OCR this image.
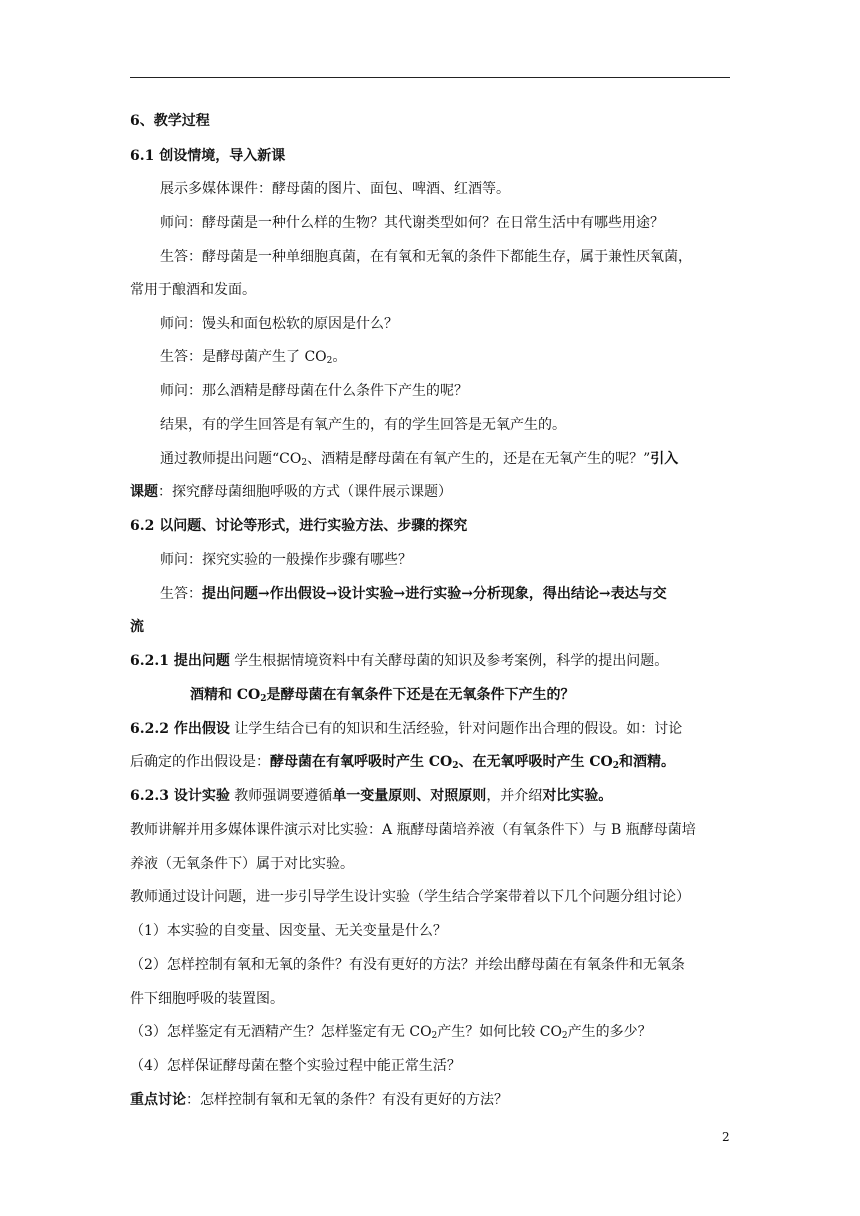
6、教学过程
6.1 创设情境，导入新课
展示多媒体课件：酵母菌的图片、面包、啤酒、红酒等。
师问：酵母菌是一种什么样的生物？其代谢类型如何？在日常生活中有哪些用途？
生答：酵母菌是一种单细胞真菌，在有氧和无氧的条件下都能生存，属于兼性厌氧菌，
常用于酿酒和发面。
师问：馒头和面包松软的原因是什么？
生答：是酵母菌产生了 $CO_2$。
师问：那么酒精是酵母菌在什么条件下产生的呢？
结果，有的学生回答是有氧产生的，有的学生回答是无氧产生的。
通过教师提出问题“$CO_2$、酒精是酵母菌在有氧产生的，还是在无氧产生的呢？”引入
课题：探究酵母菌细胞呼吸的方式（课件展示课题）
6.2 以问题、讨论等形式，进行实验方法、步骤的探究
师问：探究实验的一般操作步骤有哪些？
生答：提出问题→作出假设→设计实验→进行实验→分析现象，得出结论→表达与交
流
6.2.1 提出问题 学生根据情境资料中有关酵母菌的知识及参考案例，科学的提出问题。
酒精和 $CO_2$是酵母菌在有氧条件下还是在无氧条件下产生的？
6.2.2 作出假设 让学生结合已有的知识和生活经验，针对问题作出合理的假设。如：讨论
后确定的作出假设是：酵母菌在有氧呼吸时产生 $CO_2$、在无氧呼吸时产生 $CO_2$和酒精。
6.2.3 设计实验 教师强调要遵循单一变量原则、对照原则，并介绍对比实验。
教师讲解并用多媒体课件演示对比实验：A 瓶酵母菌培养液（有氧条件下）与 B 瓶酵母菌培
养液（无氧条件下）属于对比实验。
教师通过设计问题，进一步引导学生设计实验（学生结合学案带着以下几个问题分组讨论）
（1）本实验的自变量、因变量、无关变量是什么？
（2）怎样控制有氧和无氧的条件？有没有更好的方法？并绘出酵母菌在有氧条件和无氧条
件下细胞呼吸的装置图。
（3）怎样鉴定有无酒精产生？怎样鉴定有无 $CO_2$产生？如何比较 $CO_2$产生的多少？
（4）怎样保证酵母菌在整个实验过程中能正常生活？
重点讨论：怎样控制有氧和无氧的条件？有没有更好的方法？
2
